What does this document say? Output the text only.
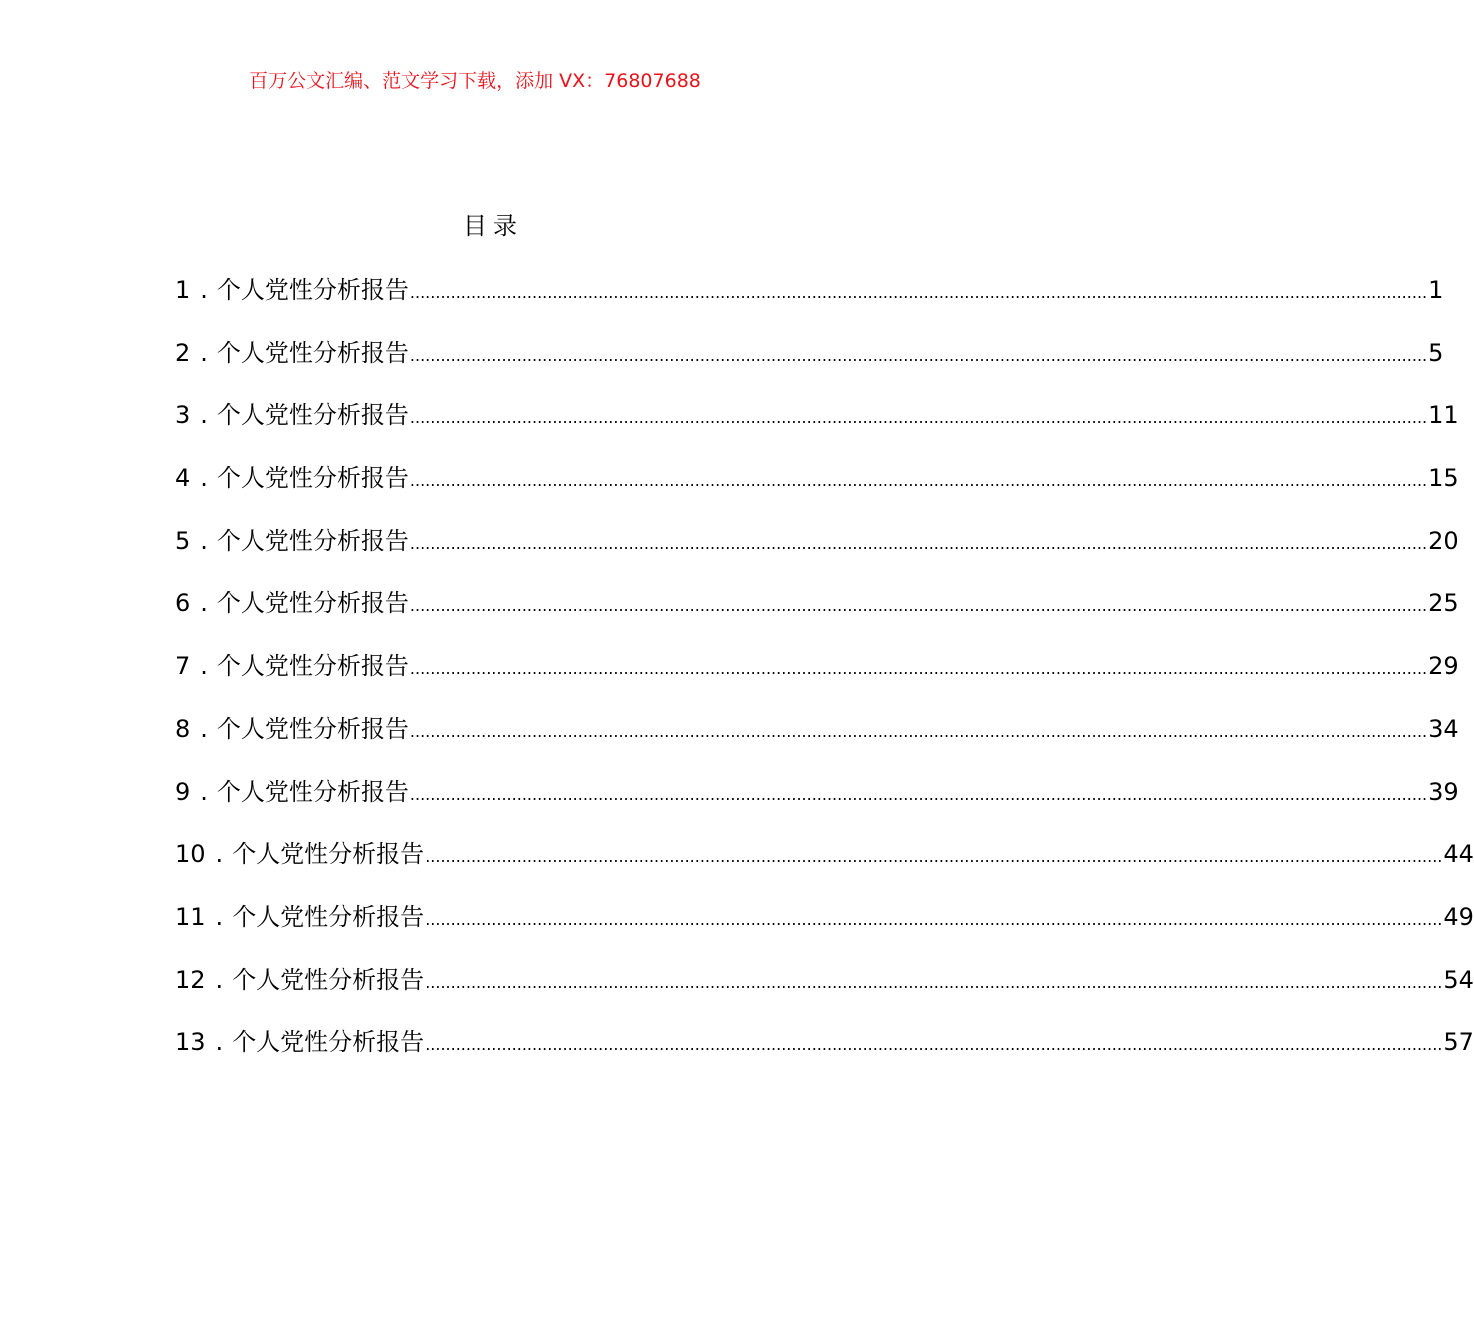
百万公文汇编、范文学习下载，添加 VX：76807688
目录
1 . 个人党性分析报告 ........................................................................................................................................................................................................ 1
2 . 个人党性分析报告 ........................................................................................................................................................................................................ 5
3 . 个人党性分析报告 ........................................................................................................................................................................................................ 11
4 . 个人党性分析报告 ........................................................................................................................................................................................................ 15
5 . 个人党性分析报告 ........................................................................................................................................................................................................ 20
6 . 个人党性分析报告 ........................................................................................................................................................................................................ 25
7 . 个人党性分析报告 ........................................................................................................................................................................................................ 29
8 . 个人党性分析报告 ........................................................................................................................................................................................................ 34
9 . 个人党性分析报告 ........................................................................................................................................................................................................ 39
10 . 个人党性分析报告 ........................................................................................................................................................................................................ 44
11 . 个人党性分析报告 ........................................................................................................................................................................................................ 49
12 . 个人党性分析报告 ........................................................................................................................................................................................................ 54
13 . 个人党性分析报告 ........................................................................................................................................................................................................ 57
